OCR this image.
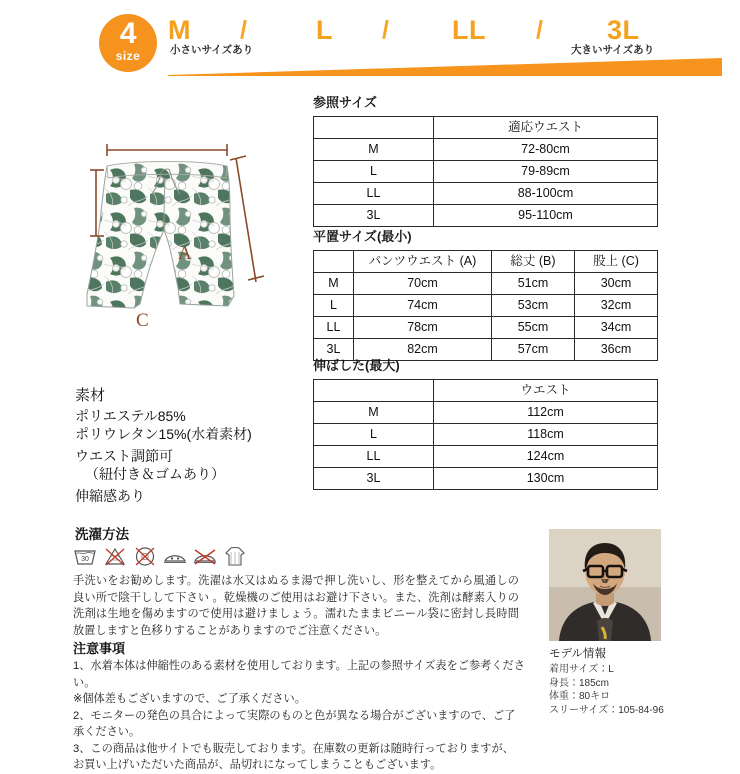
4
size
M /	L / LL / 3L
小さいサイズあり	大きいサイズあり
A
C
参照サイズ
	適応ウエスト
M	72-80cm
L	79-89cm
LL	88-100cm
3L	95-110cm
平置サイズ(最小)
	パンツウエスト (A)	総丈 (B)	股上 (C)
M	70cm	51cm	30cm
L	74cm	53cm	32cm
LL	78cm	55cm	34cm
3L	82cm	57cm	36cm
伸ばした(最大)
	ウエスト
M	112cm
L	118cm
LL	124cm
3L	130cm
素材
ポリエステル85%
ポリウレタン15%(水着素材)
ウエスト調節可
（紐付き＆ゴムあり）
伸縮感あり
洗濯方法
30
手洗いをお勧めします。洗濯は水又はぬるま湯で押し洗いし、形を整えてから風通しの良い所で陰干しして下さい 。乾燥機のご使用はお避け下さい。また、洗剤は酵素入りの洗剤は生地を傷めますので使用は避けましょう。濡れたままビニール袋に密封し長時間放置しますと色移りすることがありますのでご注意ください。
注意事項

1、水着本体は伸縮性のある素材を使用しております。上記の参照サイズ表をご参考ください。

※個体差もございますので、ご了承ください。

2、モニターの発色の具合によって実際のものと色が異なる場合がございますので、ご了承ください。

3、この商品は他サイトでも販売しております。在庫数の更新は随時行っておりますが、お買い上げいただいた商品が、品切れになってしまうこともございます。

モデル情報
着用サイズ：L
身長：185cm
体重：80キロ
スリーサイズ：105-84-96
